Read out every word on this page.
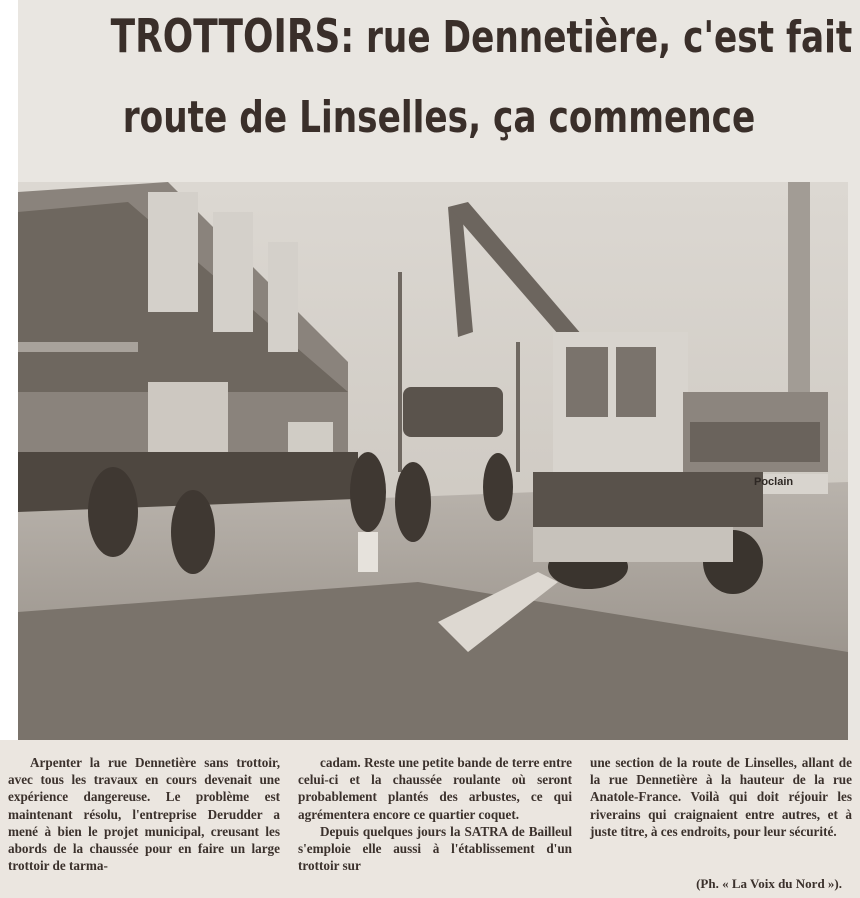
TROTTOIRS: rue Dennetière, c'est fait
route de Linselles, ça commence
Poclain

Arpenter la rue Dennetière sans trottoir, avec tous les travaux en cours devenait une expérience dangereuse. Le problème est maintenant résolu, l'entreprise Derudder a mené à bien le projet municipal, creusant les abords de la chaussée pour en faire un large trottoir de tarma-

cadam. Reste une petite bande de terre entre celui-ci et la chaussée roulante où seront probablement plantés des arbustes, ce qui agrémentera encore ce quartier coquet.

Depuis quelques jours la SATRA de Bailleul s'emploie elle aussi à l'établissement d'un trottoir sur

une section de la route de Linselles, allant de la rue Dennetière à la hauteur de la rue Anatole-France. Voilà qui doit réjouir les riverains qui craignaient entre autres, et à juste titre, à ces endroits, pour leur sécurité.

(Ph. « La Voix du Nord »).
